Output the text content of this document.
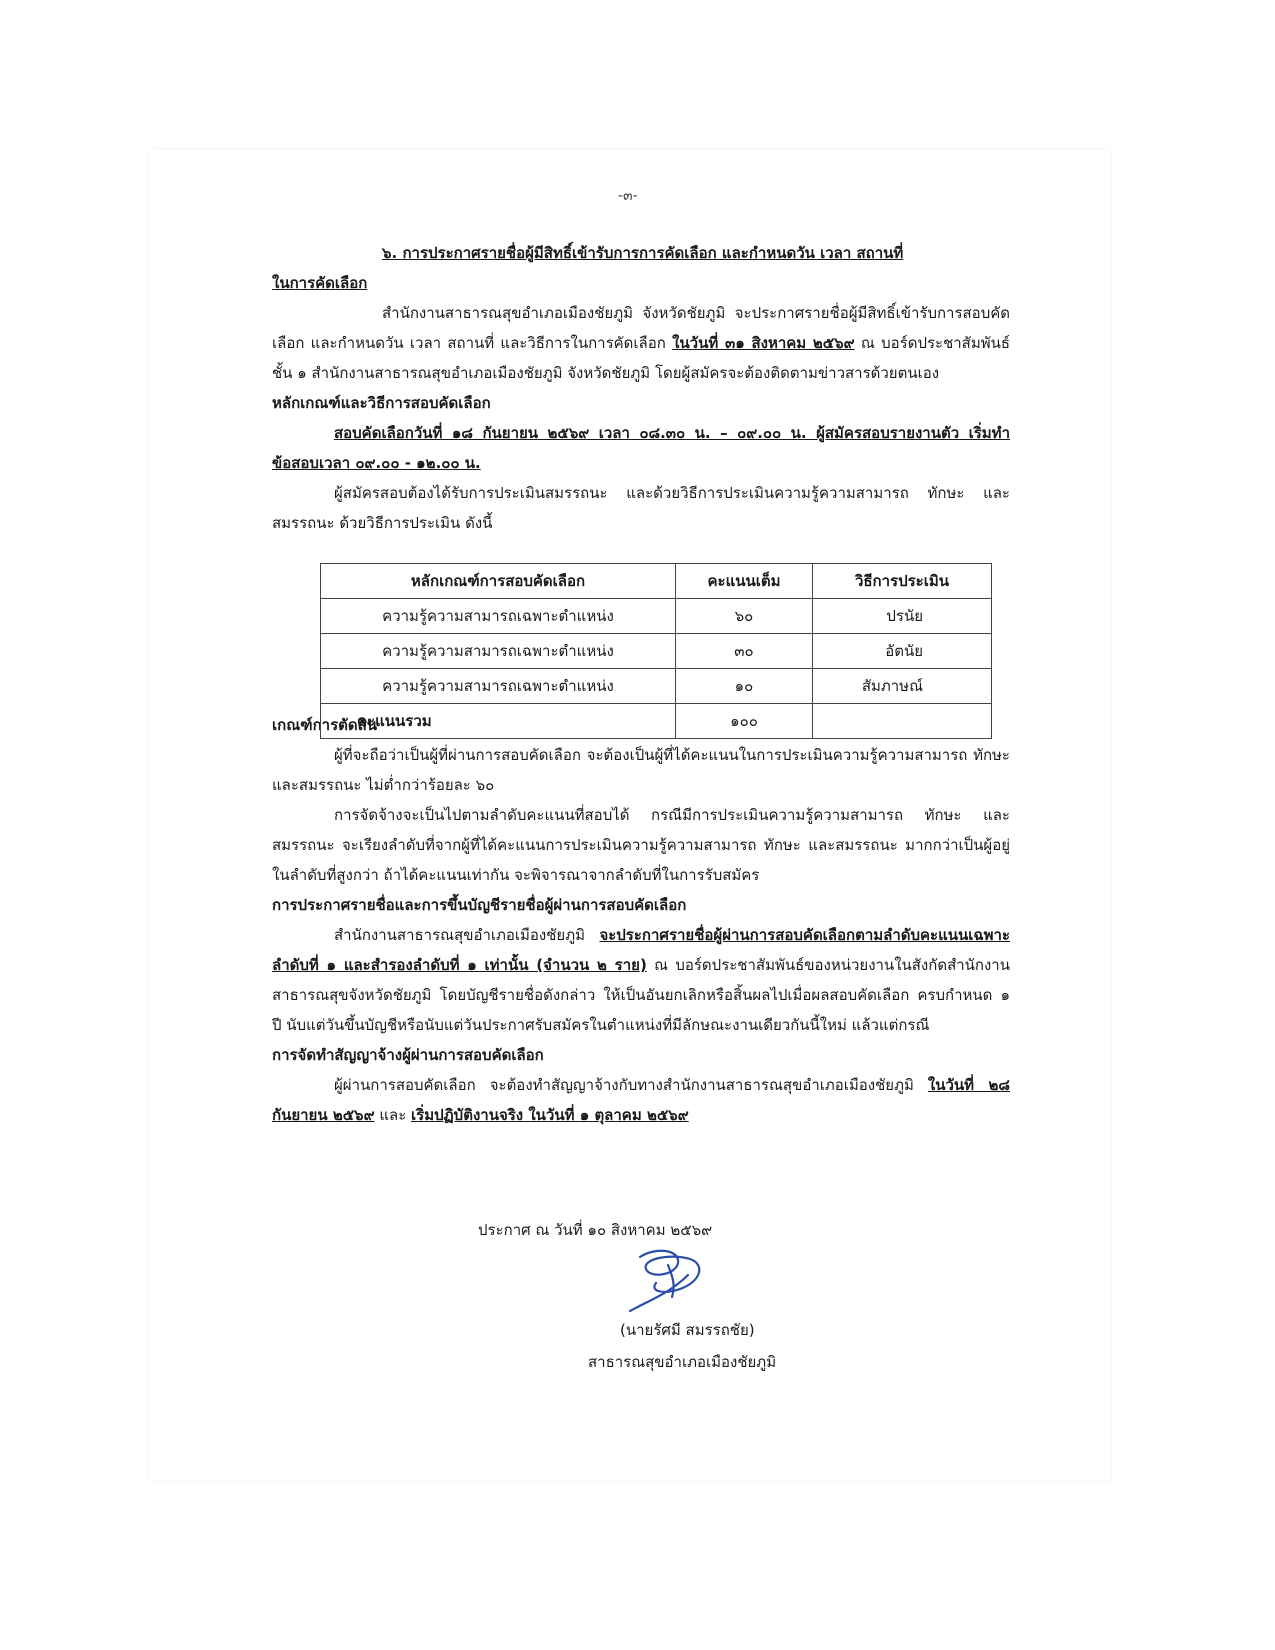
-๓-

๖. การประกาศรายชื่อผู้มีสิทธิ์เข้ารับการการคัดเลือก และกำหนดวัน เวลา สถานที่

ในการคัดเลือก

สำนักงานสาธารณสุขอำเภอเมืองชัยภูมิ จังหวัดชัยภูมิ จะประกาศรายชื่อผู้มีสิทธิ์เข้ารับการสอบคัดเลือก และกำหนดวัน เวลา สถานที่ และวิธีการในการคัดเลือก ในวันที่ ๓๑ สิงหาคม ๒๕๖๙ ณ บอร์ดประชาสัมพันธ์ ชั้น ๑ สำนักงานสาธารณสุขอำเภอเมืองชัยภูมิ จังหวัดชัยภูมิ โดยผู้สมัครจะต้องติดตามข่าวสารด้วยตนเอง

หลักเกณฑ์และวิธีการสอบคัดเลือก

สอบคัดเลือกวันที่ ๑๘ กันยายน ๒๕๖๙ เวลา ๐๘.๓๐ น. – ๐๙.๐๐ น. ผู้สมัครสอบรายงานตัว เริ่มทำข้อสอบเวลา ๐๙.๐๐ - ๑๒.๐๐ น.

ผู้สมัครสอบต้องได้รับการประเมินสมรรถนะ และด้วยวิธีการประเมินความรู้ความสามารถ ทักษะ และสมรรถนะ ด้วยวิธีการประเมิน ดังนี้

เกณฑ์การตัดสิน

ผู้ที่จะถือว่าเป็นผู้ที่ผ่านการสอบคัดเลือก จะต้องเป็นผู้ที่ได้คะแนนในการประเมินความรู้ความสามารถ ทักษะ และสมรรถนะ ไม่ต่ำกว่าร้อยละ ๖๐

การจัดจ้างจะเป็นไปตามลำดับคะแนนที่สอบได้ กรณีมีการประเมินความรู้ความสามารถ ทักษะ และสมรรถนะ จะเรียงลำดับที่จากผู้ที่ได้คะแนนการประเมินความรู้ความสามารถ ทักษะ และสมรรถนะ มากกว่าเป็นผู้อยู่ในลำดับที่สูงกว่า ถ้าได้คะแนนเท่ากัน จะพิจารณาจากลำดับที่ในการรับสมัคร

การประกาศรายชื่อและการขึ้นบัญชีรายชื่อผู้ผ่านการสอบคัดเลือก

สำนักงานสาธารณสุขอำเภอเมืองชัยภูมิ จะประกาศรายชื่อผู้ผ่านการสอบคัดเลือกตามลำดับคะแนนเฉพาะลำดับที่ ๑ และสำรองลำดับที่ ๑ เท่านั้น (จำนวน ๒ ราย) ณ บอร์ดประชาสัมพันธ์ของหน่วยงานในสังกัดสำนักงานสาธารณสุขจังหวัดชัยภูมิ โดยบัญชีรายชื่อดังกล่าว ให้เป็นอันยกเลิกหรือสิ้นผลไปเมื่อผลสอบคัดเลือก ครบกำหนด ๑ ปี นับแต่วันขึ้นบัญชีหรือนับแต่วันประกาศรับสมัครในตำแหน่งที่มีลักษณะงานเดียวกันนี้ใหม่ แล้วแต่กรณี

การจัดทำสัญญาจ้างผู้ผ่านการสอบคัดเลือก

ผู้ผ่านการสอบคัดเลือก จะต้องทำสัญญาจ้างกับทางสำนักงานสาธารณสุขอำเภอเมืองชัยภูมิ ในวันที่ ๒๘ กันยายน ๒๕๖๙ และ เริ่มปฏิบัติงานจริง ในวันที่ ๑ ตุลาคม ๒๕๖๙

หลักเกณฑ์การสอบคัดเลือก	คะแนนเต็ม	วิธีการประเมิน
ความรู้ความสามารถเฉพาะตำแหน่ง	๖๐	ปรนัย
ความรู้ความสามารถเฉพาะตำแหน่ง	๓๐	อัตนัย
ความรู้ความสามารถเฉพาะตำแหน่ง	๑๐	สัมภาษณ์
คะแนนรวม	๑๐๐	
ประกาศ ณ วันที่ ๑๐ สิงหาคม ๒๕๖๙
(นายรัศมี สมรรถชัย)
สาธารณสุขอำเภอเมืองชัยภูมิ
